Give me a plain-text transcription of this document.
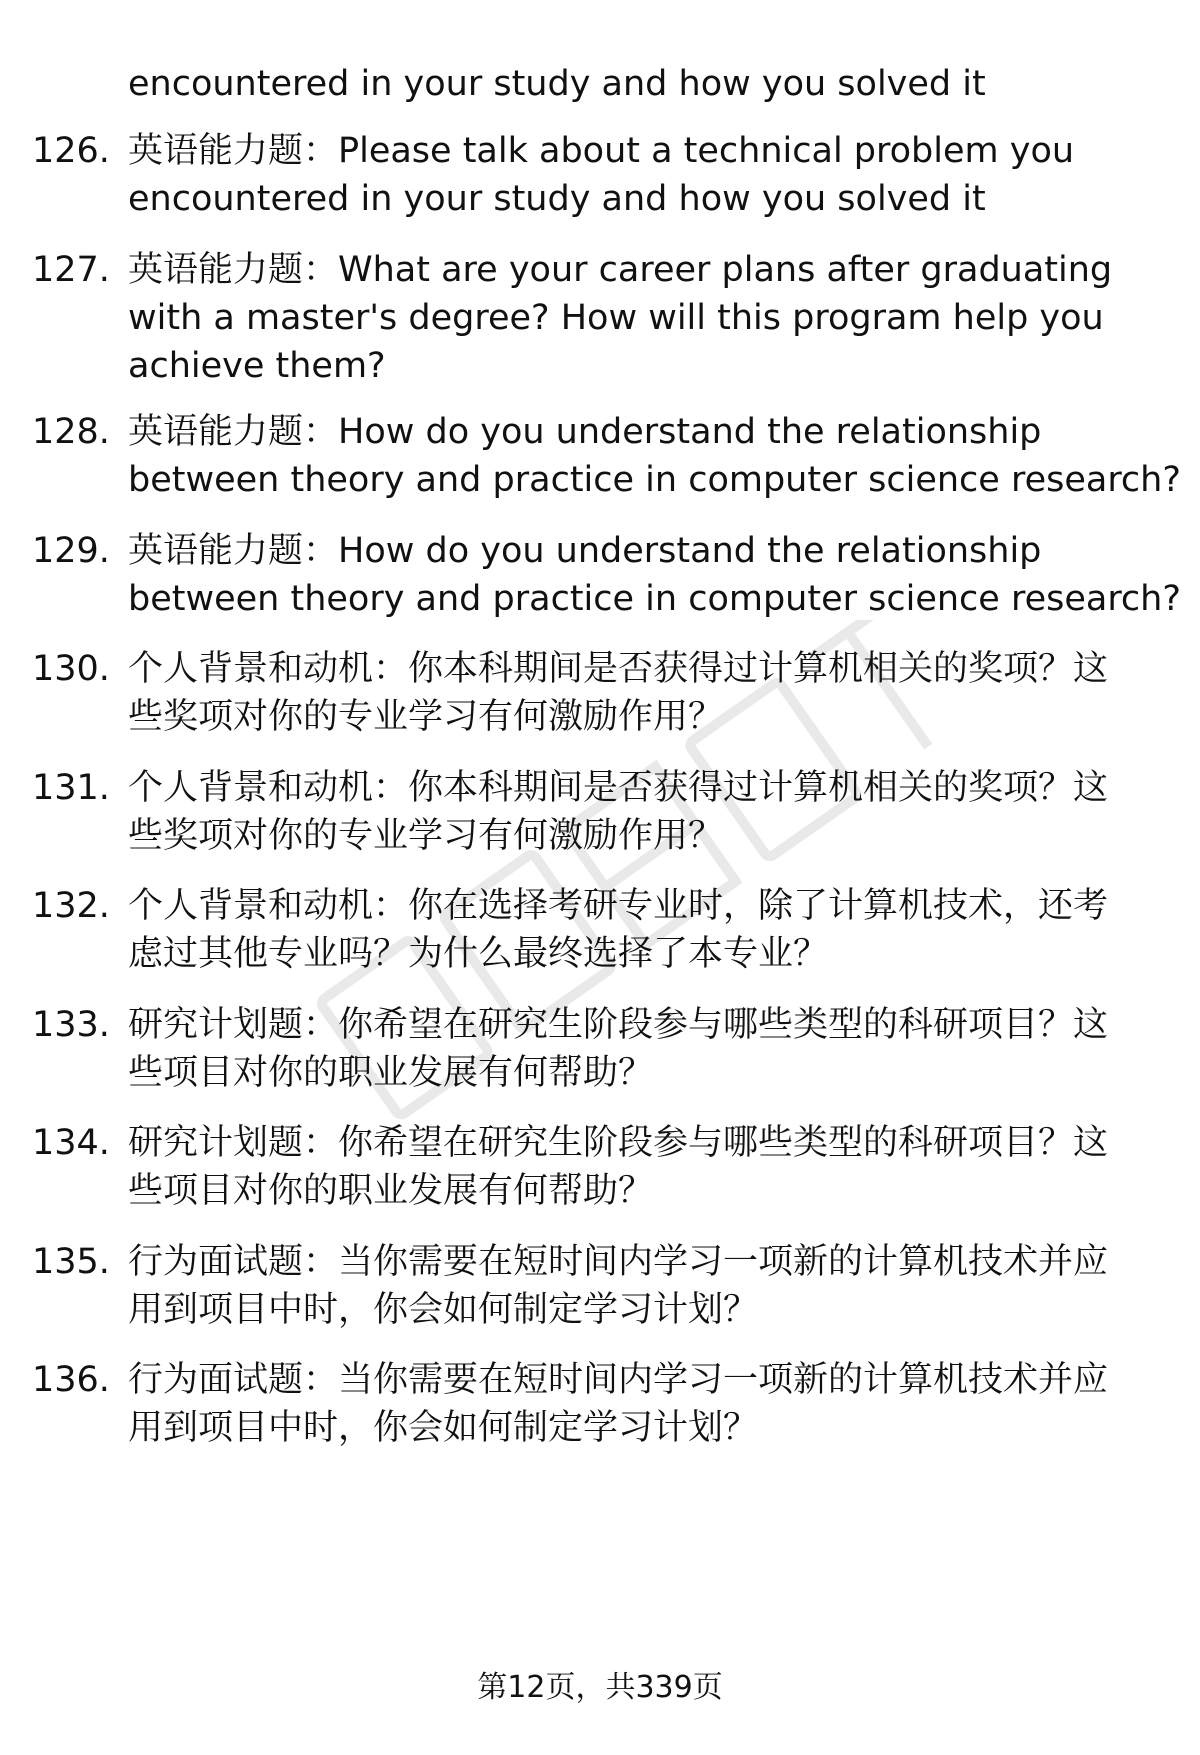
encountered in your study and how you solved it
126. 英语能力题：Please talk about a technical problem you
encountered in your study and how you solved it
127. 英语能力题：What are your career plans after graduating
with a master's degree? How will this program help you
achieve them?
128. 英语能力题：How do you understand the relationship
between theory and practice in computer science research?
129. 英语能力题：How do you understand the relationship
between theory and practice in computer science research?
130. 个人背景和动机：你本科期间是否获得过计算机相关的奖项？这
些奖项对你的专业学习有何激励作用？
131. 个人背景和动机：你本科期间是否获得过计算机相关的奖项？这
些奖项对你的专业学习有何激励作用？
132. 个人背景和动机：你在选择考研专业时，除了计算机技术，还考
虑过其他专业吗？为什么最终选择了本专业？
133. 研究计划题：你希望在研究生阶段参与哪些类型的科研项目？这
些项目对你的职业发展有何帮助？
134. 研究计划题：你希望在研究生阶段参与哪些类型的科研项目？这
些项目对你的职业发展有何帮助？
135. 行为面试题：当你需要在短时间内学习一项新的计算机技术并应
用到项目中时，你会如何制定学习计划？
136. 行为面试题：当你需要在短时间内学习一项新的计算机技术并应
用到项目中时，你会如何制定学习计划？
第12页，共339页
